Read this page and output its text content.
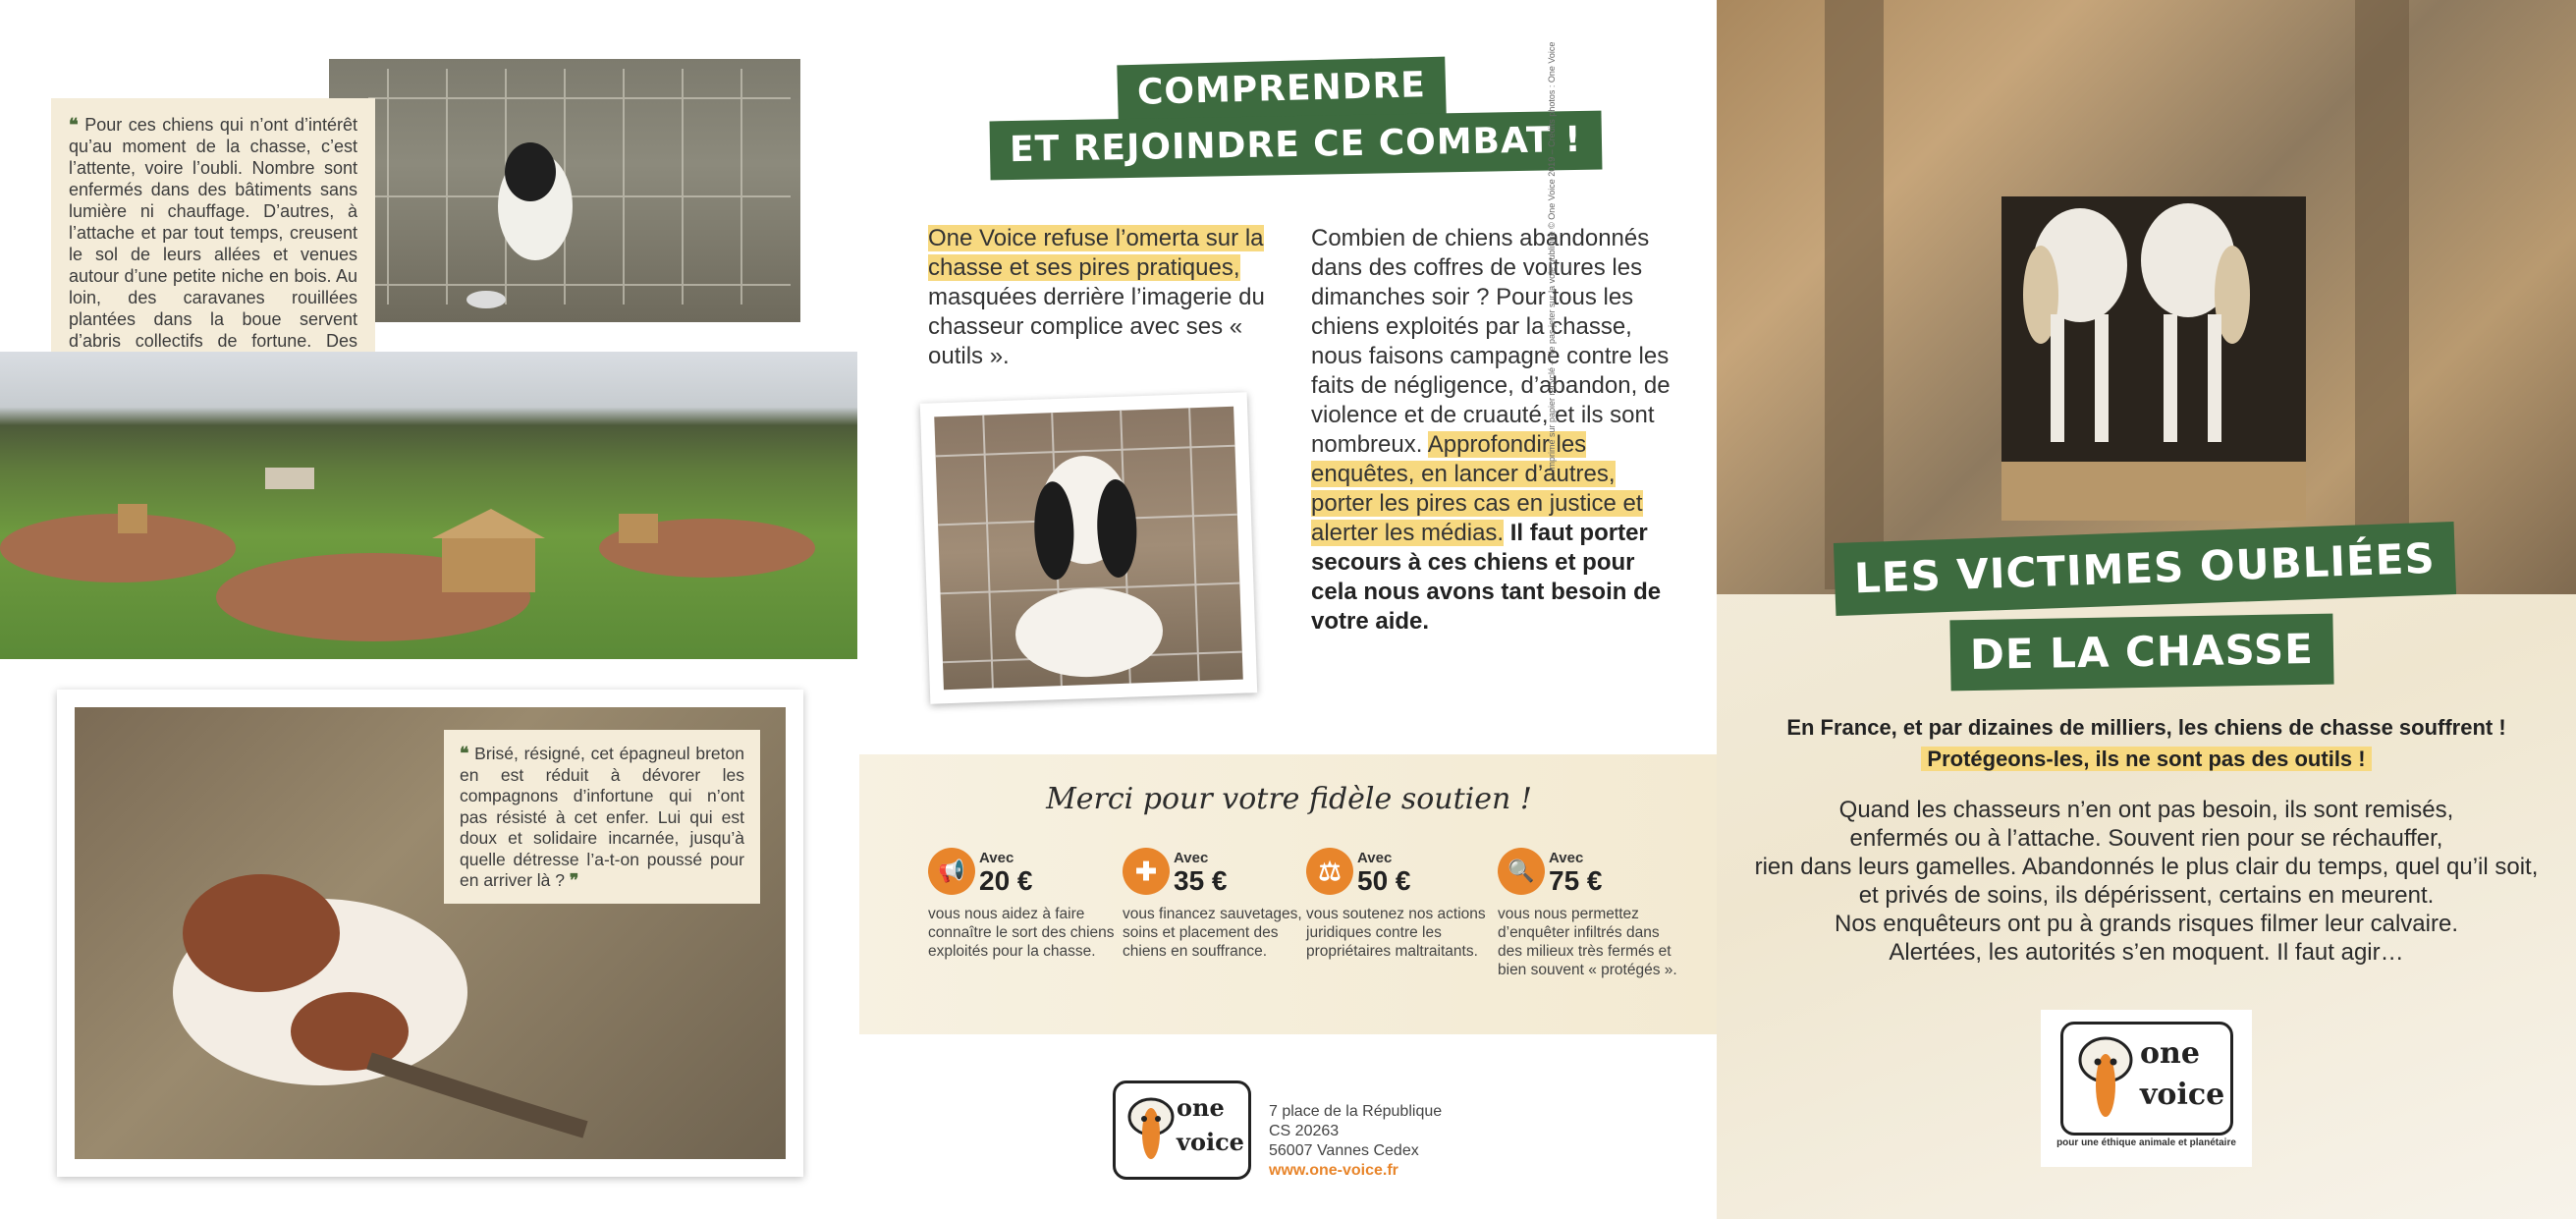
❝ Pour ces chiens qui n’ont d’intérêt qu’au moment de la chasse, c’est l’attente, voire l’oubli. Nombre sont enfermés dans des bâtiments sans lumière ni chauffage. D’autres, à l’attache et par tout temps, creusent le sol de leurs allées et venues autour d’une petite niche en bois. Au loin, des caravanes rouillées plantées dans la boue servent d’abris collectifs de fortune. Des
❝ Brisé, résigné, cet épagneul breton en est réduit à dévorer les compagnons d’infortune qui n’ont pas résisté à cet enfer. Lui qui est doux et solidaire incarnée, jusqu’à quelle détresse l’a-t-on poussé pour en arriver là ? ❞
COMPRENDRE
ET REJOINDRE CE COMBAT !
One Voice refuse l’omerta sur la chasse et ses pires pratiques, masquées derrière l’imagerie du chasseur complice avec ses « outils ».
Combien de chiens abandonnés dans des coffres de voitures les dimanches soir ? Pour tous les chiens exploités par la chasse, nous faisons campagne contre les faits de négligence, d’abandon, de violence et de cruauté, et ils sont nombreux. Approfondir les enquêtes, en lancer d’autres, porter les pires cas en justice et alerter les médias. Il faut porter secours à ces chiens et pour cela nous avons tant besoin de votre aide.
Imprimé sur papier recyclé – Ne pas jeter sur la voie publique © One Voice 2019 – Crédits photos : One Voice
Merci pour votre fidèle soutien !
📢
Avec
20 €
vous nous aidez à faire connaître le sort des chiens exploités pour la chasse.
✚	Avec
35 €
vous financez sauvetages, soins et placement des chiens en souffrance.
⚖	Avec
50 €
vous soutenez nos actions juridiques contre les propriétaires maltraitants.
🔍
Avec
75 €
vous nous permettez d’enquêter infiltrés dans des milieux très fermés et bien souvent « protégés ».
one
voice
7 place de la République
CS 20263
56007 Vannes Cedex
www.one-voice.fr
LES VICTIMES OUBLIÉES
DE LA CHASSE
En France, et par dizaines de milliers, les chiens de chasse souffrent !
Protégeons-les, ils ne sont pas des outils !
Quand les chasseurs n’en ont pas besoin, ils sont remisés,
enfermés ou à l’attache. Souvent rien pour se réchauffer,
rien dans leurs gamelles. Abandonnés le plus clair du temps, quel qu’il soit,
et privés de soins, ils dépérissent, certains en meurent.
Nos enquêteurs ont pu à grands risques filmer leur calvaire.
Alertées, les autorités s’en moquent. Il faut agir…
one
voice
pour une éthique animale et planétaire
